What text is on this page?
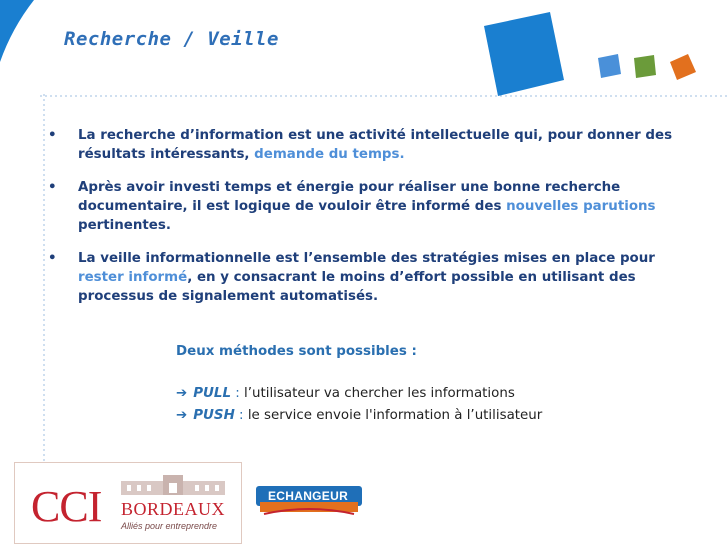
Recherche / Veille
• La recherche d’information est une activité intellectuelle qui, pour donner des résultats intéressants, demande du temps.
• Après avoir investi temps et énergie pour réaliser une bonne recherche documentaire, il est logique de vouloir être informé des nouvelles parutions pertinentes.
• La veille informationnelle est l’ensemble des stratégies mises en place pour rester informé, en y consacrant le moins d’effort possible en utilisant des processus de signalement automatisés.
Deux méthodes sont possibles :
➔ PULL : l’utilisateur va chercher les informations
➔ PUSH : le service envoie l'information à l’utilisateur
CCI BORDEAUX
Alliés pour entreprendre
ECHANGEUR
